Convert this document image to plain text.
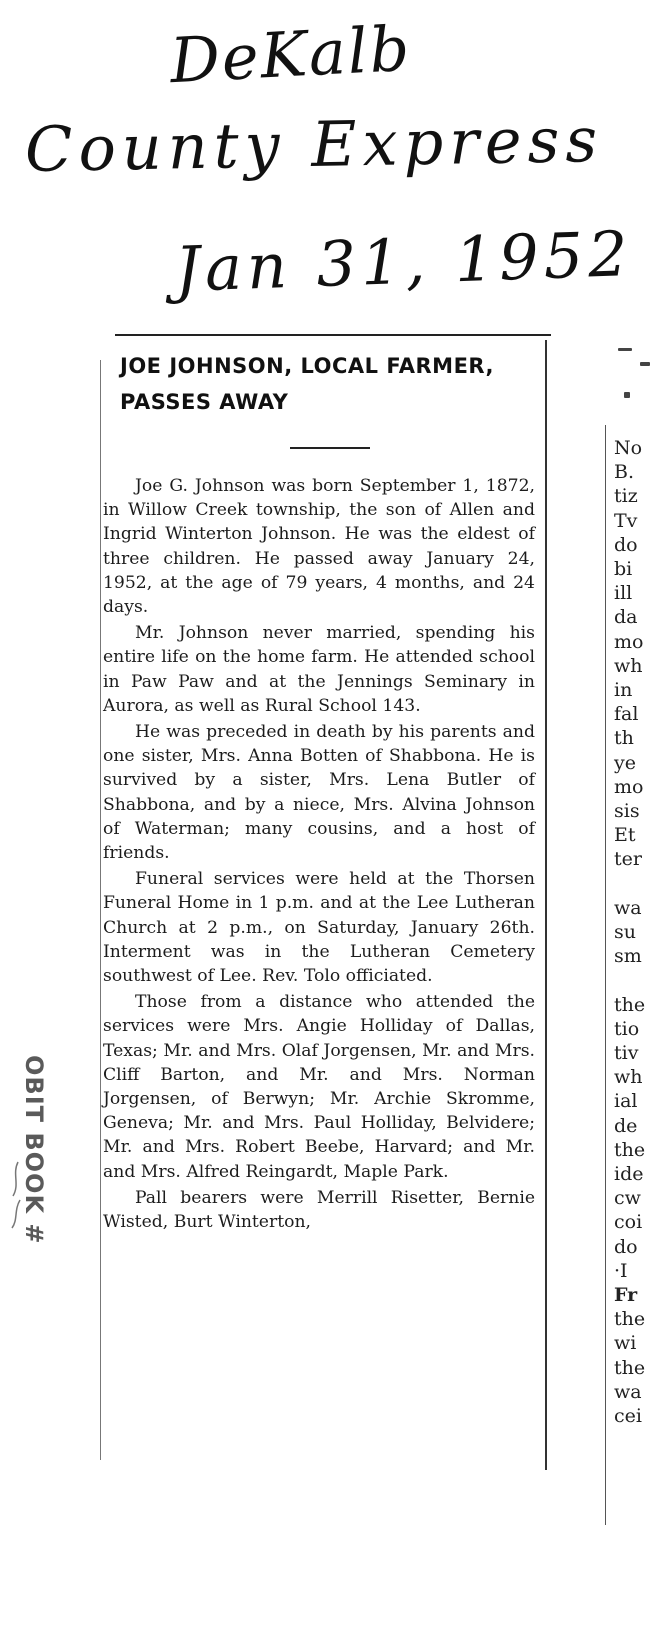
DeKalb
County Express
Jan 31, 1952
JOE JOHNSON, LOCAL FARMER,
PASSES AWAY

Joe G. Johnson was born September 1, 1872, in Willow Creek township, the son of Allen and Ingrid Winterton Johnson. He was the eldest of three children. He passed away January 24, 1952, at the age of 79 years, 4 months, and 24 days.

Mr. Johnson never married, spending his entire life on the home farm. He attended school in Paw Paw and at the Jennings Seminary in Aurora, as well as Rural School 143.

He was preceded in death by his parents and one sister, Mrs. Anna Botten of Shabbona. He is survived by a sister, Mrs. Lena Butler of Shabbona, and by a niece, Mrs. Alvina Johnson of Waterman; many cousins, and a host of friends.

Funeral services were held at the Thorsen Funeral Home in 1 p.m. and at the Lee Lutheran Church at 2 p.m., on Saturday, January 26th. Interment was in the Lutheran Cemetery southwest of Lee. Rev. Tolo officiated.

Those from a distance who attended the services were Mrs. Angie Holliday of Dallas, Texas; Mr. and Mrs. Olaf Jorgensen, Mr. and Mrs. Cliff Barton, and Mr. and Mrs. Norman Jorgensen, of Berwyn; Mr. Archie Skromme, Geneva; Mr. and Mrs. Paul Holliday, Belvidere; Mr. and Mrs. Robert Beebe, Harvard; and Mr. and Mrs. Alfred Reingardt, Maple Park.

Pall bearers were Merrill Risetter, Bernie Wisted, Burt Winterton,

OBIT BOOK #
No
B.
tiz
Tv
do
bi
ill
da
mo
wh
in
fal
th
ye
mo
sis
Et
ter
wa
su
sm
the
tio
tiv
wh
ial
de
the
ide
cw
coi
do
·I
Fr
the
wi
the
wa
cei
